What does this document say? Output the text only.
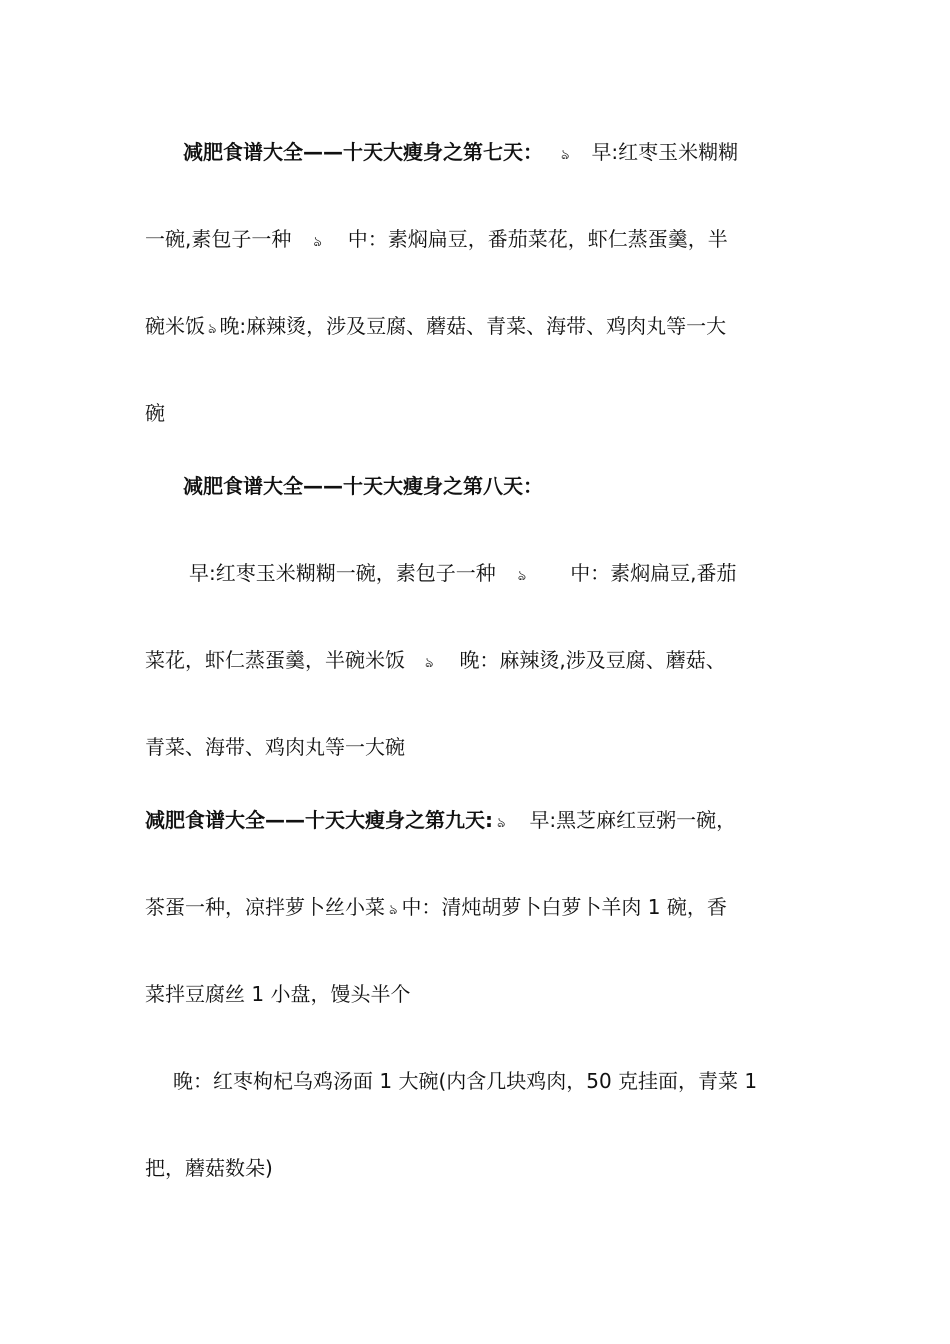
减肥食谱大全——十天大瘦身之第七天： ঌ 早:红枣玉米糊糊
一碗,素包子一种 ঌ 中：素焖扁豆，番茄菜花，虾仁蒸蛋羹，半
碗米饭 ঌ 晚:麻辣烫，涉及豆腐、蘑菇、青菜、海带、鸡肉丸等一大
碗
减肥食谱大全——十天大瘦身之第八天：
早:红枣玉米糊糊一碗，素包子一种 ঌ 中：素焖扁豆,番茄
菜花，虾仁蒸蛋羹，半碗米饭 ঌ 晚：麻辣烫,涉及豆腐、蘑菇、
青菜、海带、鸡肉丸等一大碗
减肥食谱大全——十天大瘦身之第九天: ঌ 早:黑芝麻红豆粥一碗，
茶蛋一种，凉拌萝卜丝小菜 ঌ 中：清炖胡萝卜白萝卜羊肉 1 碗，香
菜拌豆腐丝 1 小盘，馒头半个
晚：红枣枸杞乌鸡汤面 1 大碗(内含几块鸡肉，50 克挂面，青菜 1
把，蘑菇数朵)
